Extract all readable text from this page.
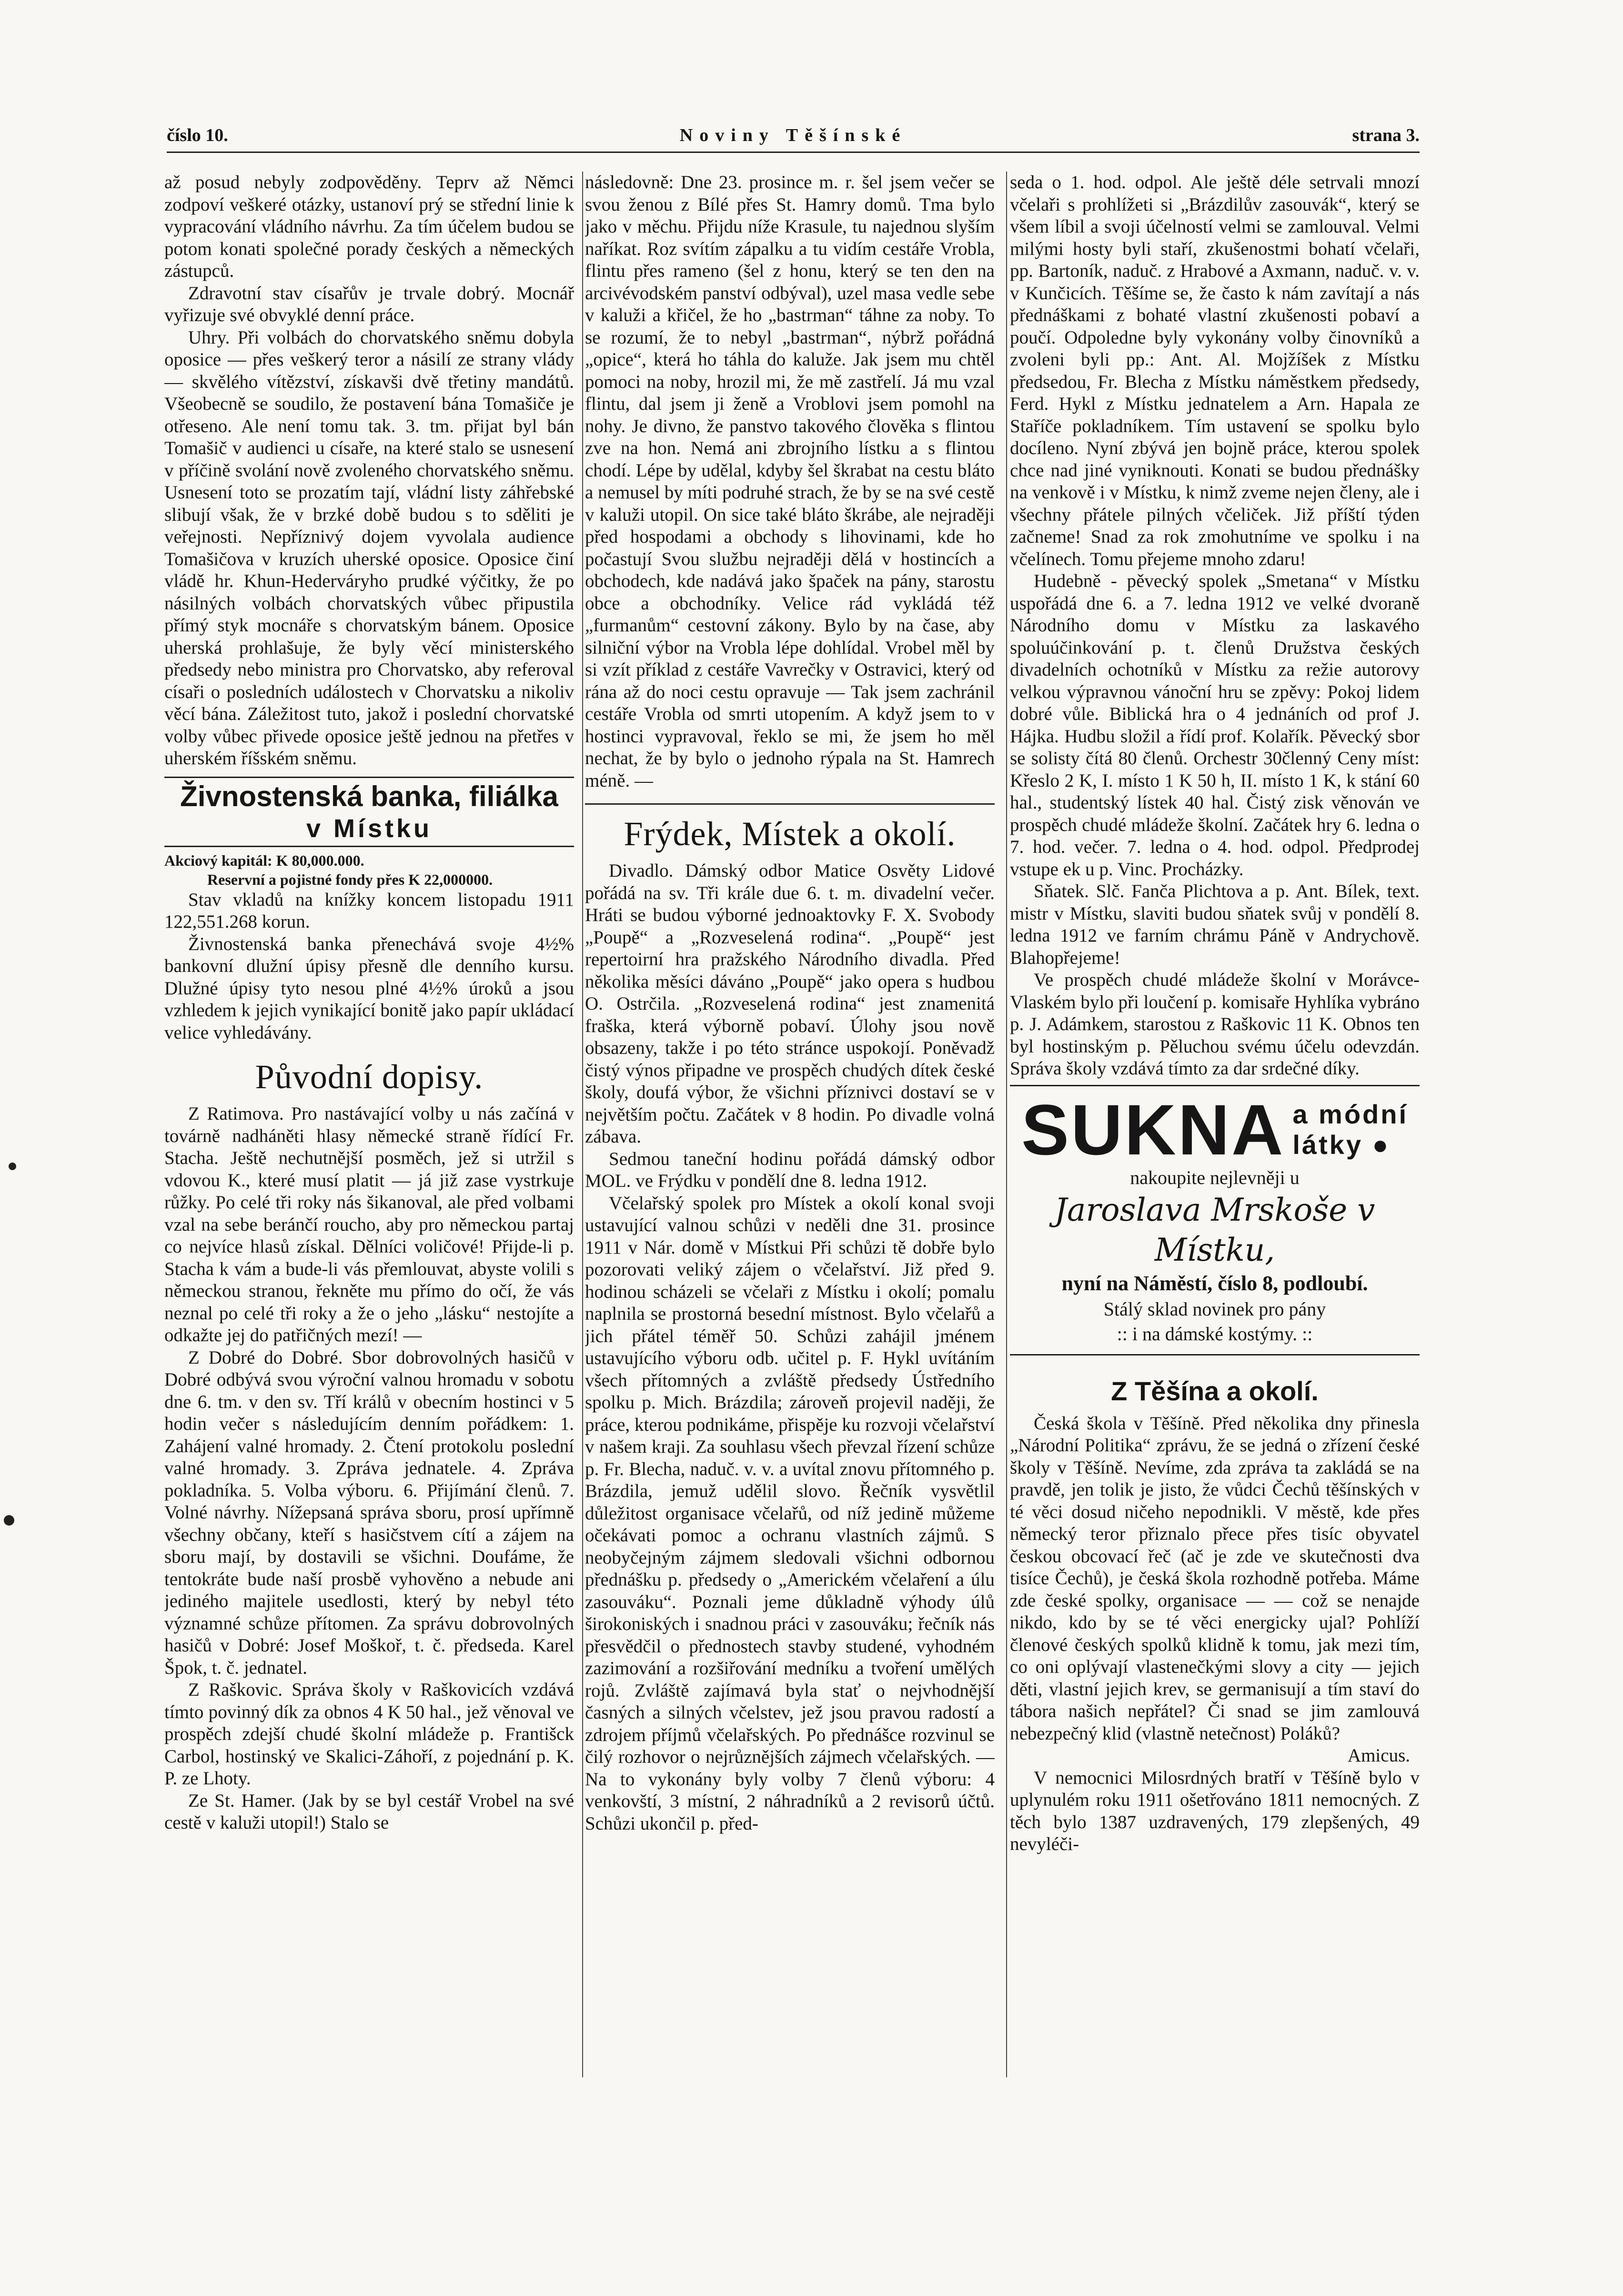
číslo 10.	Noviny Těšínské	strana 3.

až posud nebyly zodpověděny. Teprv až Němci zodpoví veškeré otázky, ustanoví prý se střední linie k vypracování vládního návrhu. Za tím účelem budou se potom konati společné porady českých a německých zástupců.

Zdravotní stav císařův je trvale dobrý. Mocnář vyřizuje své obvyklé denní práce.

Uhry. Při volbách do chorvatského sněmu dobyla oposice — přes veškerý teror a násilí ze strany vlády — skvělého vítězství, získavši dvě třetiny mandátů. Všeobecně se soudilo, že postavení bána Tomašiče je otřeseno. Ale není tomu tak. 3. tm. přijat byl bán Tomašič v audienci u císaře, na které stalo se usnesení v příčině svolání nově zvoleného chorvatského sněmu. Usnesení toto se prozatím tají, vládní listy záhřebské slibují však, že v brzké době budou s to sděliti je veřejnosti. Nepříznivý dojem vyvolala audience Tomašičova v kruzích uherské oposice. Oposice činí vládě hr. Khun-Hederváryho prudké výčitky, že po násilných volbách chorvatských vůbec připustila přímý styk mocnáře s chorvatským bánem. Oposice uherská prohlašuje, že byly věcí ministerského předsedy nebo ministra pro Chorvatsko, aby referoval císaři o posledních událostech v Chorvatsku a nikoliv věcí bána. Záležitost tuto, jakož i poslední chorvatské volby vůbec přivede oposice ještě jednou na přetřes v uherském říšském sněmu.

Živnostenská banka, filiálka
v Místku
Akciový kapitál: K 80,000.000.
Reservní a pojistné fondy přes K 22,000000.

Stav vkladů na knížky koncem listopadu 1911 122,551.268 korun.

Živnostenská banka přenechává svoje 4½% bankovní dlužní úpisy přesně dle denního kursu. Dlužné úpisy tyto nesou plné 4½% úroků a jsou vzhledem k jejich vynikající bonitě jako papír ukládací velice vyhledávány.

Původní dopisy.

Z Ratimova. Pro nastávající volby u nás začíná v továrně nadháněti hlasy německé straně řídící Fr. Stacha. Ještě nechutnější posměch, jež si utržil s vdovou K., které musí platit — já již zase vystrkuje růžky. Po celé tři roky nás šikanoval, ale před volbami vzal na sebe beránčí roucho, aby pro německou partaj co nejvíce hlasů získal. Dělníci voličové! Přijde-li p. Stacha k vám a bude-li vás přemlouvat, abyste volili s německou stranou, řekněte mu přímo do očí, že vás neznal po celé tři roky a že o jeho „lásku“ nestojíte a odkažte jej do patřičných mezí! —

Z Dobré do Dobré. Sbor dobrovolných hasičů v Dobré odbývá svou výroční valnou hromadu v sobotu dne 6. tm. v den sv. Tří králů v obecním hostinci v 5 hodin večer s následujícím denním pořádkem: 1. Zahájení valné hromady. 2. Čtení protokolu poslední valné hromady. 3. Zpráva jednatele. 4. Zpráva pokladníka. 5. Volba výboru. 6. Přijímání členů. 7. Volné návrhy. Nížepsaná správa sboru, prosí upřímně všechny občany, kteří s hasičstvem cítí a zájem na sboru mají, by dostavili se všichni. Doufáme, že tentokráte bude naší prosbě vyhověno a nebude ani jediného majitele usedlosti, který by nebyl této významné schůze přítomen. Za správu dobrovolných hasičů v Dobré: Josef Moškoř, t. č. předseda. Karel Špok, t. č. jednatel.

Z Raškovic. Správa školy v Raškovicích vzdává tímto povinný dík za obnos 4 K 50 hal., jež věnoval ve prospěch zdejší chudé školní mládeže p. Františck Carbol, hostinský ve Skalici-Záhoří, z pojednání p. K. P. ze Lhoty.

Ze St. Hamer. (Jak by se byl cestář Vrobel na své cestě v kaluži utopil!) Stalo se

následovně: Dne 23. prosince m. r. šel jsem večer se svou ženou z Bílé přes St. Hamry domů. Tma bylo jako v měchu. Přijdu níže Krasule, tu najednou slyším naříkat. Roz svítím zápalku a tu vidím cestáře Vrobla, flintu přes rameno (šel z honu, který se ten den na arcivévodském panství odbýval), uzel masa vedle sebe v kaluži a křičel, že ho „bastrman“ táhne za noby. To se rozumí, že to nebyl „bastrman“, nýbrž pořádná „opice“, která ho táhla do kaluže. Jak jsem mu chtěl pomoci na noby, hrozil mi, že mě zastřelí. Já mu vzal flintu, dal jsem ji ženě a Vroblovi jsem pomohl na nohy. Je divno, že panstvo takového člověka s flintou zve na hon. Nemá ani zbrojního lístku a s flintou chodí. Lépe by udělal, kdyby šel škrabat na cestu bláto a nemusel by míti podruhé strach, že by se na své cestě v kaluži utopil. On sice také bláto škrábe, ale nejraději před hospodami a obchody s lihovinami, kde ho počastují Svou službu nejraději dělá v hostincích a obchodech, kde nadává jako špaček na pány, starostu obce a obchodníky. Velice rád vykládá též „furmanům“ cestovní zákony. Bylo by na čase, aby silniční výbor na Vrobla lépe dohlídal. Vrobel měl by si vzít příklad z cestáře Vavrečky v Ostravici, který od rána až do noci cestu opravuje — Tak jsem zachránil cestáře Vrobla od smrti utopením. A když jsem to v hostinci vypravoval, řeklo se mi, že jsem ho měl nechat, že by bylo o jednoho rýpala na St. Hamrech méně. —

Frýdek, Místek a okolí.

Divadlo. Dámský odbor Matice Osvěty Lidové pořádá na sv. Tři krále due 6. t. m. divadelní večer. Hráti se budou výborné jednoaktovky F. X. Svobody „Poupě“ a „Rozveselená rodina“. „Poupě“ jest repertoirní hra pražského Národního divadla. Před několika měsíci dáváno „Poupě“ jako opera s hudbou O. Ostrčila. „Rozveselená rodina“ jest znamenitá fraška, která výborně pobaví. Úlohy jsou nově obsazeny, takže i po této stránce uspokojí. Poněvadž čistý výnos připadne ve prospěch chudých dítek české školy, doufá výbor, že všichni příznivci dostaví se v největším počtu. Začátek v 8 hodin. Po divadle volná zábava.

Sedmou taneční hodinu pořádá dámský odbor MOL. ve Frýdku v pondělí dne 8. ledna 1912.

Včelařský spolek pro Místek a okolí konal svoji ustavující valnou schůzi v neděli dne 31. prosince 1911 v Nár. domě v Místkui Při schůzi tě dobře bylo pozorovati veliký zájem o včelařství. Již před 9. hodinou scházeli se včelaři z Místku i okolí; pomalu naplnila se prostorná besední místnost. Bylo včelařů a jich přátel téměř 50. Schůzi zahájil jménem ustavujícího výboru odb. učitel p. F. Hykl uvítáním všech přítomných a zvláště předsedy Ústředního spolku p. Mich. Brázdila; zároveň projevil naději, že práce, kterou podnikáme, přispěje ku rozvoji včelařství v našem kraji. Za souhlasu všech převzal řízení schůze p. Fr. Blecha, naduč. v. v. a uvítal znovu přítomného p. Brázdila, jemuž udělil slovo. Řečník vysvětlil důležitost organisace včelařů, od níž jedině můžeme očekávati pomoc a ochranu vlastních zájmů. S neobyčejným zájmem sledovali všichni odbornou přednášku p. předsedy o „Americkém včelaření a úlu zasouváku“. Poznali jeme důkladně výhody úlů širokoniských i snadnou práci v zasouváku; řečník nás přesvědčil o přednostech stavby studené, vyhodném zazimování a rozšiřování medníku a tvoření umělých rojů. Zvláště zajímavá byla stať o nejvhodnější časných a silných včelstev, jež jsou pravou radostí a zdrojem příjmů včelařských. Po přednášce rozvinul se čilý rozhovor o nejrůznějších zájmech včelařských. — Na to vykonány byly volby 7 členů výboru: 4 venkovští, 3 místní, 2 náhradníků a 2 revisorů účtů. Schůzi ukončil p. před-

seda o 1. hod. odpol. Ale ještě déle setrvali mnozí včelaři s prohlížeti si „Brázdilův zasouvák“, který se všem líbil a svoji účelností velmi se zamlouval. Velmi milými hosty byli staří, zkušenostmi bohatí včelaři, pp. Bartoník, naduč. z Hrabové a Axmann, naduč. v. v. v Kunčicích. Těšíme se, že často k nám zavítají a nás přednáškami z bohaté vlastní zkušenosti pobaví a poučí. Odpoledne byly vykonány volby činovníků a zvoleni byli pp.: Ant. Al. Mojžíšek z Místku předsedou, Fr. Blecha z Místku náměstkem předsedy, Ferd. Hykl z Místku jednatelem a Arn. Hapala ze Staříče pokladníkem. Tím ustavení se spolku bylo docíleno. Nyní zbývá jen bojně práce, kterou spolek chce nad jiné vyniknouti. Konati se budou přednášky na venkově i v Místku, k nimž zveme nejen členy, ale i všechny přátele pilných včeliček. Již příští týden začneme! Snad za rok zmohutníme ve spolku i na včelínech. Tomu přejeme mnoho zdaru!

Hudebně - pěvecký spolek „Smetana“ v Místku uspořádá dne 6. a 7. ledna 1912 ve velké dvoraně Národního domu v Místku za laskavého spoluúčinkování p. t. členů Družstva českých divadelních ochotníků v Místku za režie autorovy velkou výpravnou vánoční hru se zpěvy: Pokoj lidem dobré vůle. Biblická hra o 4 jednáních od prof J. Hájka. Hudbu složil a řídí prof. Kolařík. Pěvecký sbor se solisty čítá 80 členů. Orchestr 30členný Ceny míst: Křeslo 2 K, I. místo 1 K 50 h, II. místo 1 K, k stání 60 hal., studentský lístek 40 hal. Čistý zisk věnován ve prospěch chudé mládeže školní. Začátek hry 6. ledna o 7. hod. večer. 7. ledna o 4. hod. odpol. Předprodej vstupe ek u p. Vinc. Procházky.

Sňatek. Slč. Fanča Plichtova a p. Ant. Bílek, text. mistr v Místku, slaviti budou sňatek svůj v pondělí 8. ledna 1912 ve farním chrámu Páně v Andrychově. Blahopřejeme!

Ve prospěch chudé mládeže školní v Morávce-Vlaském bylo při loučení p. komisaře Hyhlíka vybráno p. J. Adámkem, starostou z Raškovic 11 K. Obnos ten byl hostinským p. Pěluchou svému účelu odevzdán. Správa školy vzdává tímto za dar srdečné díky.

SUKNA a módní
látky ●
nakoupite nejlevněji u
Jaroslava Mrskoše v Místku,
nyní na Náměstí, číslo 8, podloubí.
Stálý sklad novinek pro pány
:: i na dámské kostýmy. ::
Z Těšína a okolí.

Česká škola v Těšíně. Před několika dny přinesla „Národní Politika“ zprávu, že se jedná o zřízení české školy v Těšíně. Nevíme, zda zpráva ta zakládá se na pravdě, jen tolik je jisto, že vůdci Čechů těšínských v té věci dosud ničeho nepodnikli. V městě, kde přes německý teror přiznalo přece přes tisíc obyvatel českou obcovací řeč (ač je zde ve skutečnosti dva tisíce Čechů), je česká škola rozhodně potřeba. Máme zde české spolky, organisace — — což se nenajde nikdo, kdo by se té věci energicky ujal? Pohlíží členové českých spolků klidně k tomu, jak mezi tím, co oni oplývají vlastenečkými slovy a city — jejich děti, vlastní jejich krev, se germanisují a tím staví do tábora našich nepřátel? Či snad se jim zamlouvá nebezpečný klid (vlastně netečnost) Poláků?

Amicus.

V nemocnici Milosrdných bratří v Těšíně bylo v uplynulém roku 1911 ošetřováno 1811 nemocných. Z těch bylo 1387 uzdravených, 179 zlepšených, 49 nevyléči-
